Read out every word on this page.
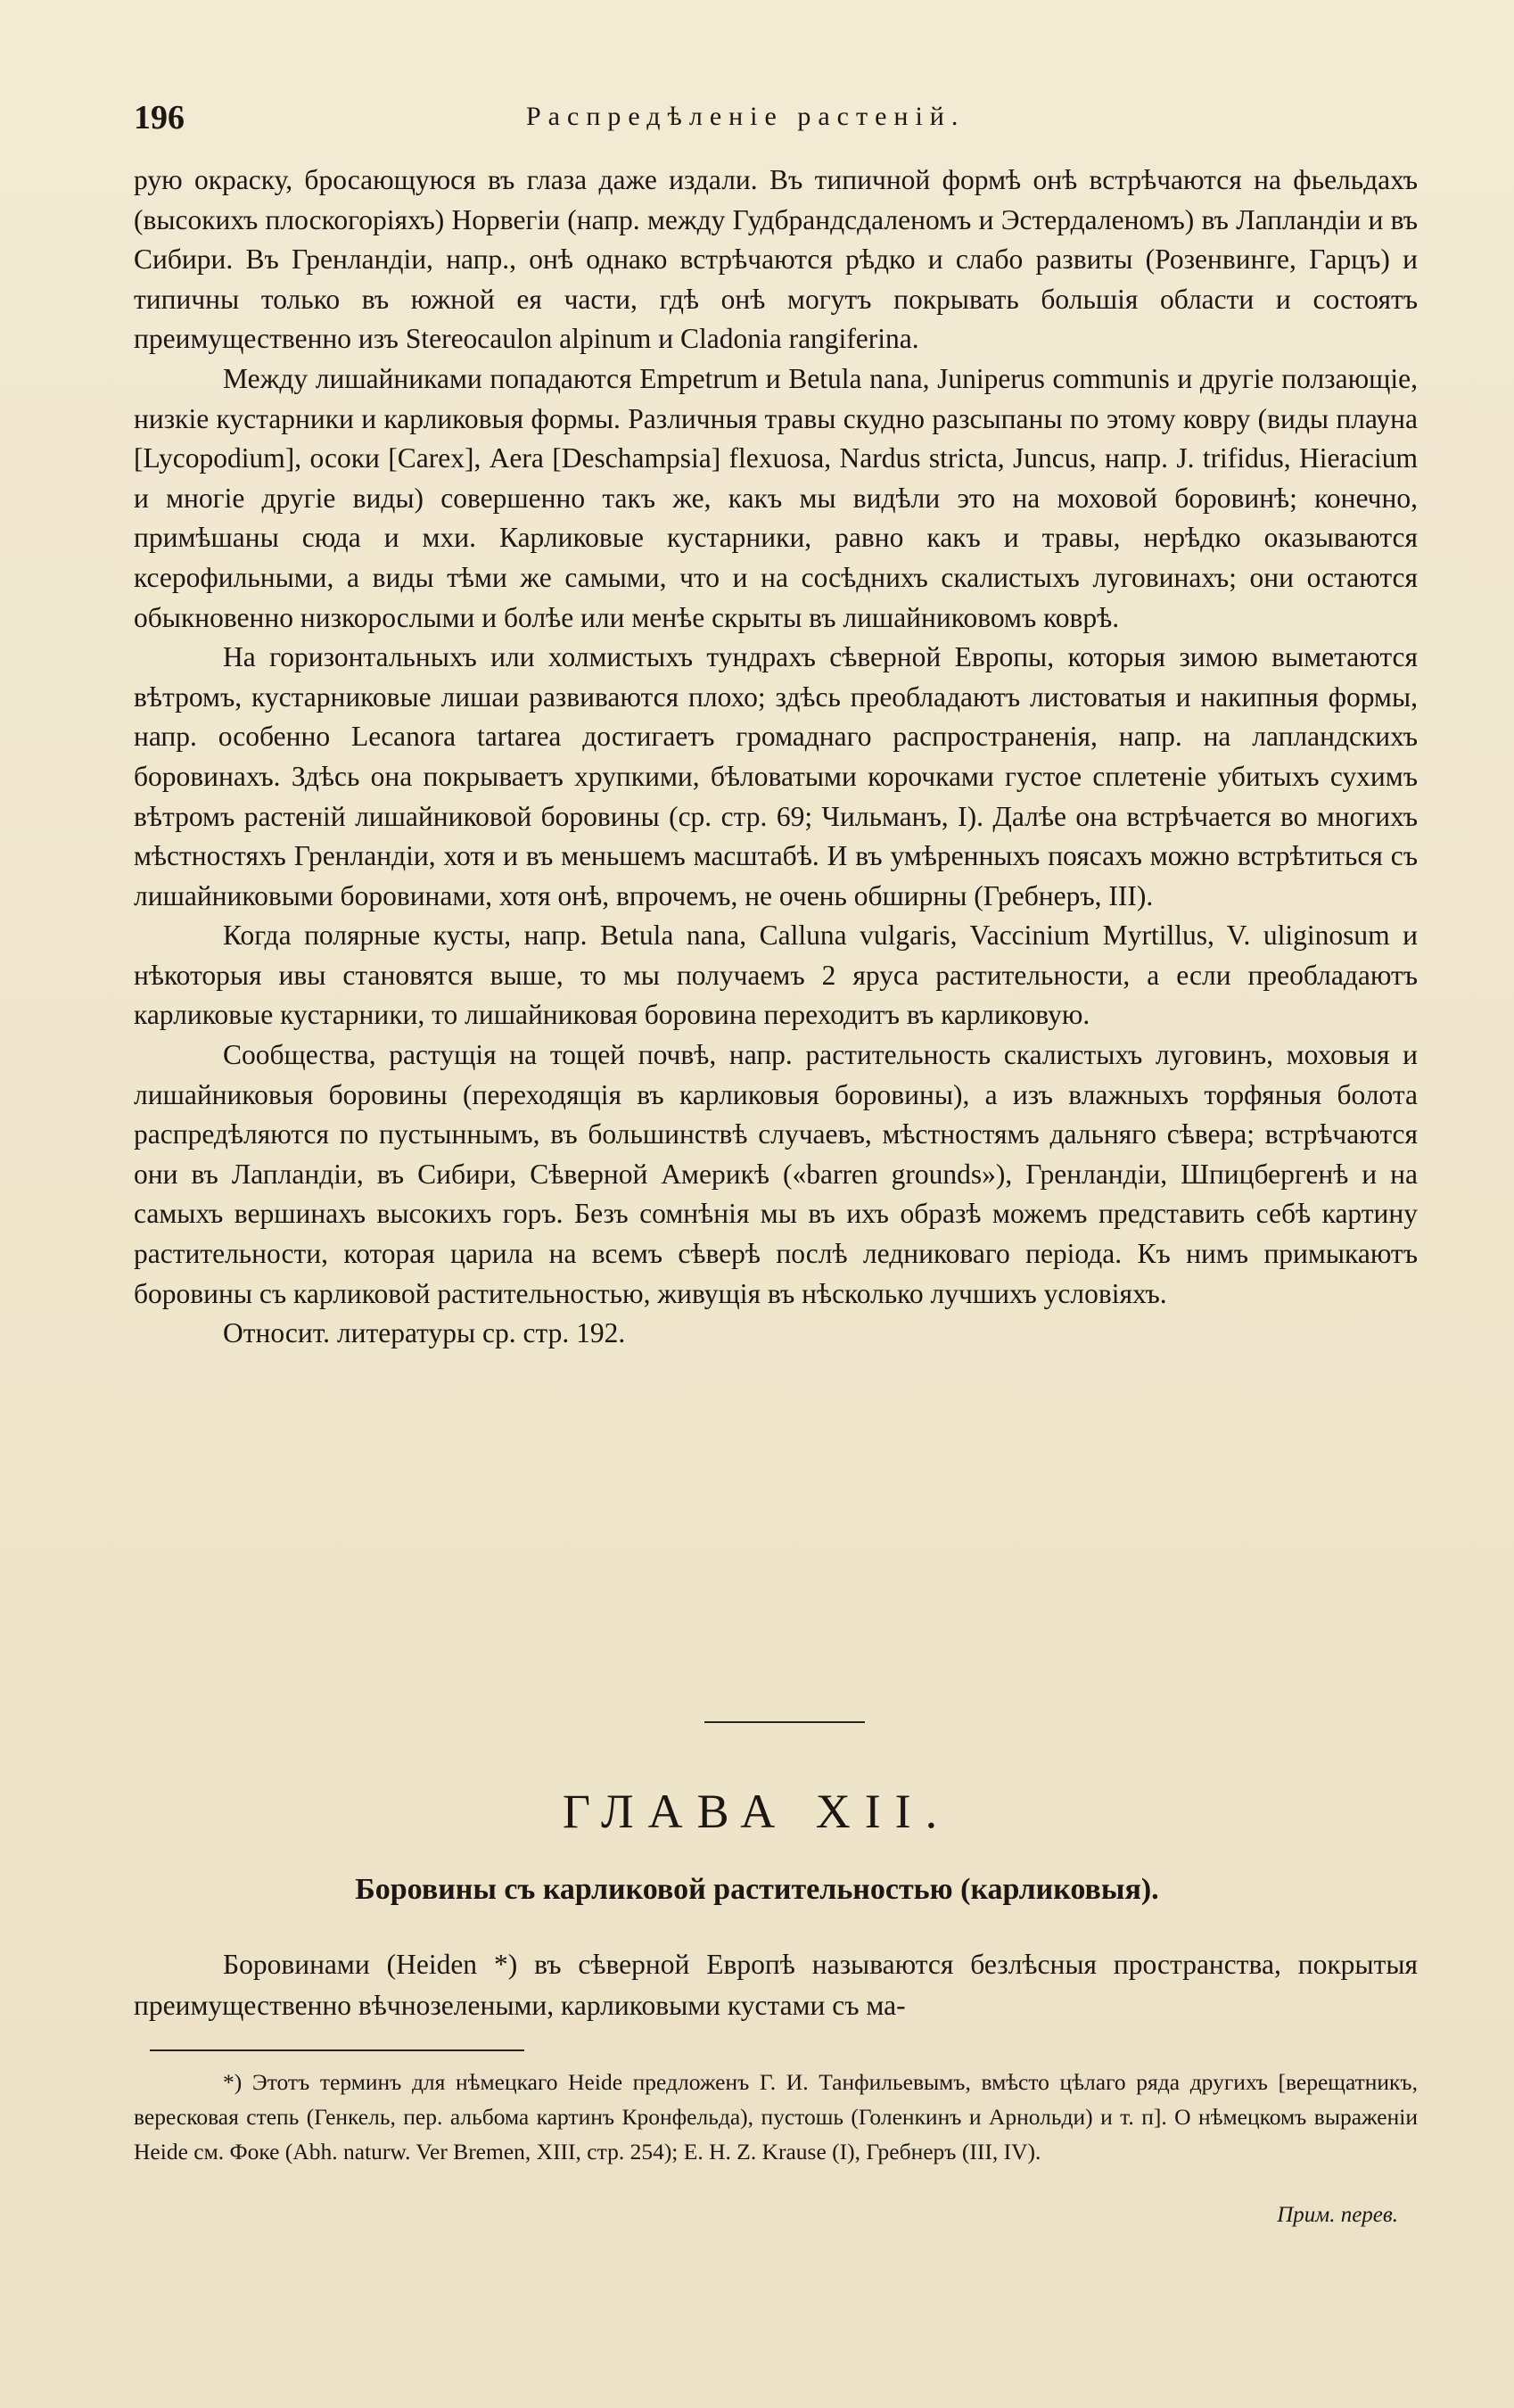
196	Распредѣленіе растеній.

рую окраску, бросающуюся въ глаза даже издали. Въ типичной формѣ онѣ встрѣчаются на фьельдахъ (высокихъ плоскогоріяхъ) Норвегіи (напр. между Гудбрандсдаленомъ и Эстердаленомъ) въ Лапландіи и въ Сибири. Въ Гренландіи, напр., онѣ однако встрѣчаются рѣдко и слабо развиты (Розенвинге, Гарцъ) и типичны только въ южной ея части, гдѣ онѣ могутъ покрывать большія области и состоятъ преимущественно изъ Stereocaulon alpinum и Cladonia rangiferina.

Между лишайниками попадаются Empetrum и Betula nana, Juniperus communis и другіе ползающіе, низкіе кустарники и карликовыя формы. Различныя травы скудно разсыпаны по этому ковру (виды плауна [Lycopodium], осоки [Carex], Aera [Deschampsia] flexuosa, Nardus stricta, Juncus, напр. J. trifidus, Hieracium и многіе другіе виды) совершенно такъ же, какъ мы видѣли это на моховой боровинѣ; конечно, примѣшаны сюда и мхи. Карликовые кустарники, равно какъ и травы, нерѣдко оказываются ксерофильными, а виды тѣми же самыми, что и на сосѣднихъ скалистыхъ луговинахъ; они остаются обыкновенно низкорослыми и болѣе или менѣе скрыты въ лишайниковомъ коврѣ.

На горизонтальныхъ или холмистыхъ тундрахъ сѣверной Европы, которыя зимою выметаются вѣтромъ, кустарниковые лишаи развиваются плохо; здѣсь преобладаютъ листоватыя и накипныя формы, напр. особенно Lecanora tartarea достигаетъ громаднаго распространенія, напр. на лапландскихъ боровинахъ. Здѣсь она покрываетъ хрупкими, бѣловатыми корочками густое сплетеніе убитыхъ сухимъ вѣтромъ растеній лишайниковой боровины (ср. стр. 69; Чильманъ, I). Далѣе она встрѣчается во многихъ мѣстностяхъ Гренландіи, хотя и въ меньшемъ масштабѣ. И въ умѣренныхъ поясахъ можно встрѣтиться съ лишайниковыми боровинами, хотя онѣ, впрочемъ, не очень обширны (Гребнеръ, III).

Когда полярные кусты, напр. Betula nana, Calluna vulgaris, Vaccinium Myrtillus, V. uliginosum и нѣкоторыя ивы становятся выше, то мы получаемъ 2 яруса растительности, а если преобладаютъ карликовые кустарники, то лишайниковая боровина переходитъ въ карликовую.

Сообщества, растущія на тощей почвѣ, напр. растительность скалистыхъ луговинъ, моховыя и лишайниковыя боровины (переходящія въ карликовыя боровины), а изъ влажныхъ торфяныя болота распредѣляются по пустыннымъ, въ большинствѣ случаевъ, мѣстностямъ дальняго сѣвера; встрѣчаются они въ Лапландіи, въ Сибири, Сѣверной Америкѣ («barren grounds»), Гренландіи, Шпицбергенѣ и на самыхъ вершинахъ высокихъ горъ. Безъ сомнѣнія мы въ ихъ образѣ можемъ представить себѣ картину растительности, которая царила на всемъ сѣверѣ послѣ ледниковаго періода. Къ нимъ примыкаютъ боровины съ карликовой растительностью, живущія въ нѣсколько лучшихъ условіяхъ.

Относит. литературы ср. стр. 192.

ГЛАВА XII.
Боровины съ карликовой растительностью (карликовыя).

Боровинами (Heiden *) въ сѣверной Европѣ называются безлѣсныя пространства, покрытыя преимущественно вѣчнозелеными, карликовыми кустами съ ма-

*) Этотъ терминъ для нѣмецкаго Heide предложенъ Г. И. Танфильевымъ, вмѣсто цѣлаго ряда другихъ [верещатникъ, вересковая степь (Генкель, пер. альбома картинъ Кронфельда), пустошь (Голенкинъ и Арнольди) и т. п]. О нѣмецкомъ выраженіи Heide см. Фоке (Abh. naturw. Ver Bremen, XIII, стр. 254); Е. Н. Z. Krause (I), Гребнеръ (III, IV).

Прим. перев.
